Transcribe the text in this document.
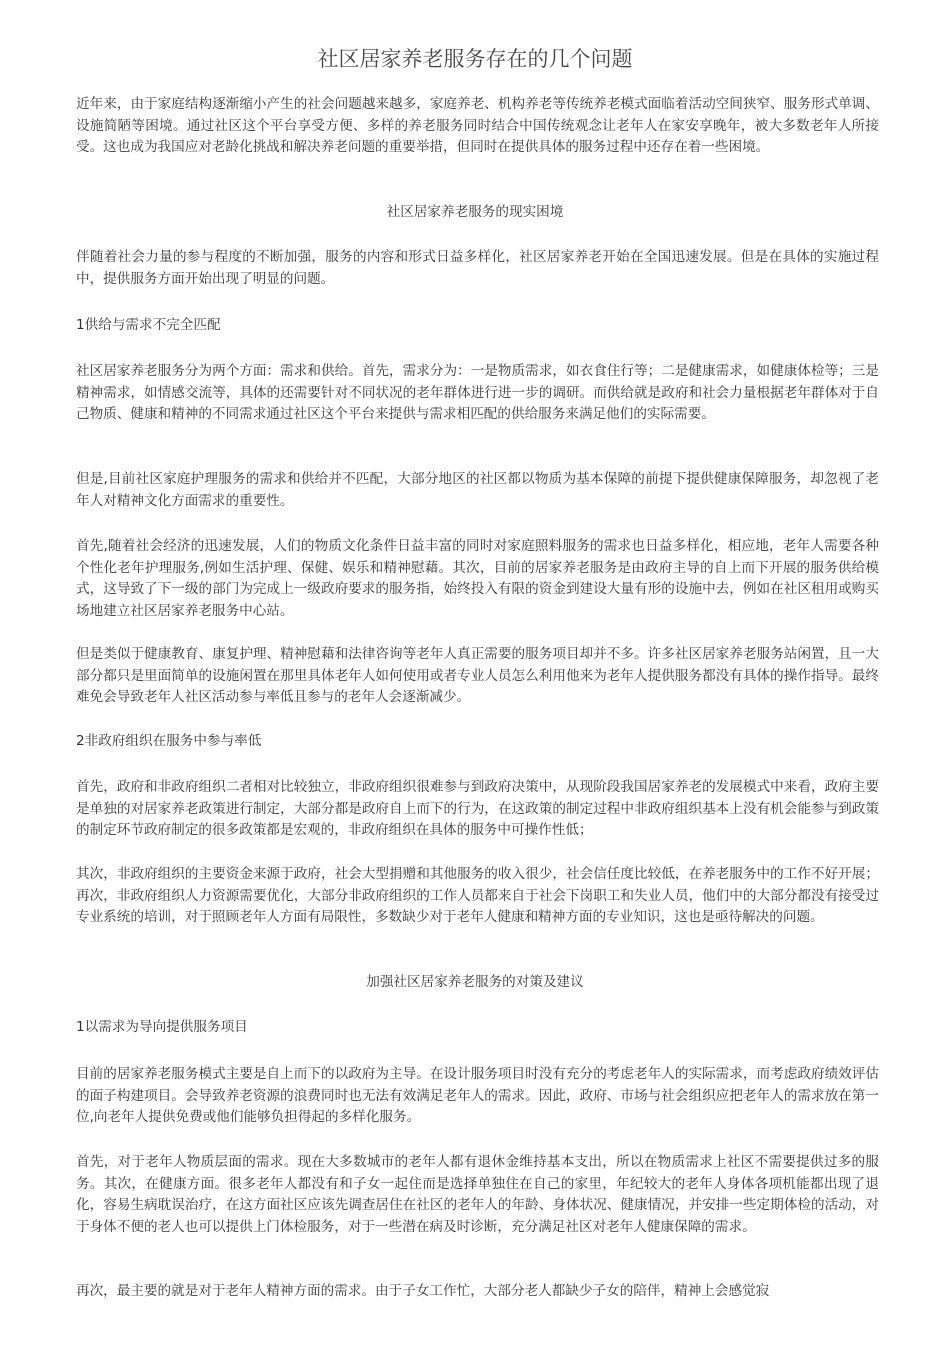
社区居家养老服务存在的几个问题

近年来，由于家庭结构逐渐缩小产生的社会问题越来越多，家庭养老、机构养老等传统养老模式面临着活动空间狭窄、服务形式单调、设施简陋等困境。通过社区这个平台享受方便、多样的养老服务同时结合中国传统观念让老年人在家安享晚年，被大多数老年人所接受。这也成为我国应对老龄化挑战和解决养老问题的重要举措，但同时在提供具体的服务过程中还存在着一些困境。

社区居家养老服务的现实困境

伴随着社会力量的参与程度的不断加强，服务的内容和形式日益多样化，社区居家养老开始在全国迅速发展。但是在具体的实施过程中，提供服务方面开始出现了明显的问题。

1供给与需求不完全匹配

社区居家养老服务分为两个方面：需求和供给。首先，需求分为：一是物质需求，如衣食住行等；二是健康需求，如健康体检等；三是精神需求，如情感交流等，具体的还需要针对不同状况的老年群体进行进一步的调研。而供给就是政府和社会力量根据老年群体对于自己物质、健康和精神的不同需求通过社区这个平台来提供与需求相匹配的供给服务来满足他们的实际需要。

但是,目前社区家庭护理服务的需求和供给并不匹配，大部分地区的社区都以物质为基本保障的前提下提供健康保障服务，却忽视了老年人对精神文化方面需求的重要性。

首先,随着社会经济的迅速发展，人们的物质文化条件日益丰富的同时对家庭照料服务的需求也日益多样化，相应地，老年人需要各种个性化老年护理服务,例如生活护理、保健、娱乐和精神慰藉。其次，目前的居家养老服务是由政府主导的自上而下开展的服务供给模式，这导致了下一级的部门为完成上一级政府要求的服务指，始终投入有限的资金到建设大量有形的设施中去，例如在社区租用或购买场地建立社区居家养老服务中心站。

但是类似于健康教育、康复护理、精神慰藉和法律咨询等老年人真正需要的服务项目却并不多。许多社区居家养老服务站闲置，且一大部分都只是里面简单的设施闲置在那里具体老年人如何使用或者专业人员怎么利用他来为老年人提供服务都没有具体的操作指导。最终难免会导致老年人社区活动参与率低且参与的老年人会逐渐减少。

2非政府组织在服务中参与率低

首先，政府和非政府组织二者相对比较独立，非政府组织很难参与到政府决策中，从现阶段我国居家养老的发展模式中来看，政府主要是单独的对居家养老政策进行制定，大部分都是政府自上而下的行为，在这政策的制定过程中非政府组织基本上没有机会能参与到政策的制定环节政府制定的很多政策都是宏观的，非政府组织在具体的服务中可操作性低；

其次，非政府组织的主要资金来源于政府，社会大型捐赠和其他服务的收入很少，社会信任度比较低，在养老服务中的工作不好开展；再次，非政府组织人力资源需要优化，大部分非政府组织的工作人员都来自于社会下岗职工和失业人员，他们中的大部分都没有接受过专业系统的培训，对于照顾老年人方面有局限性，多数缺少对于老年人健康和精神方面的专业知识，这也是亟待解决的问题。

加强社区居家养老服务的对策及建议

1以需求为导向提供服务项目

目前的居家养老服务模式主要是自上而下的以政府为主导。在设计服务项目时没有充分的考虑老年人的实际需求，而考虑政府绩效评估的面子构建项目。会导致养老资源的浪费同时也无法有效满足老年人的需求。因此，政府、市场与社会组织应把老年人的需求放在第一位,向老年人提供免费或他们能够负担得起的多样化服务。

首先，对于老年人物质层面的需求。现在大多数城市的老年人都有退休金维持基本支出，所以在物质需求上社区不需要提供过多的服务。其次，在健康方面。很多老年人都没有和子女一起住而是选择单独住在自己的家里，年纪较大的老年人身体各项机能都出现了退化，容易生病耽误治疗，在这方面社区应该先调查居住在社区的老年人的年龄、身体状况、健康情况，并安排一些定期体检的活动，对于身体不便的老人也可以提供上门体检服务，对于一些潜在病及时诊断，充分满足社区对老年人健康保障的需求。

再次，最主要的就是对于老年人精神方面的需求。由于子女工作忙，大部分老人都缺少子女的陪伴，精神上会感觉寂
